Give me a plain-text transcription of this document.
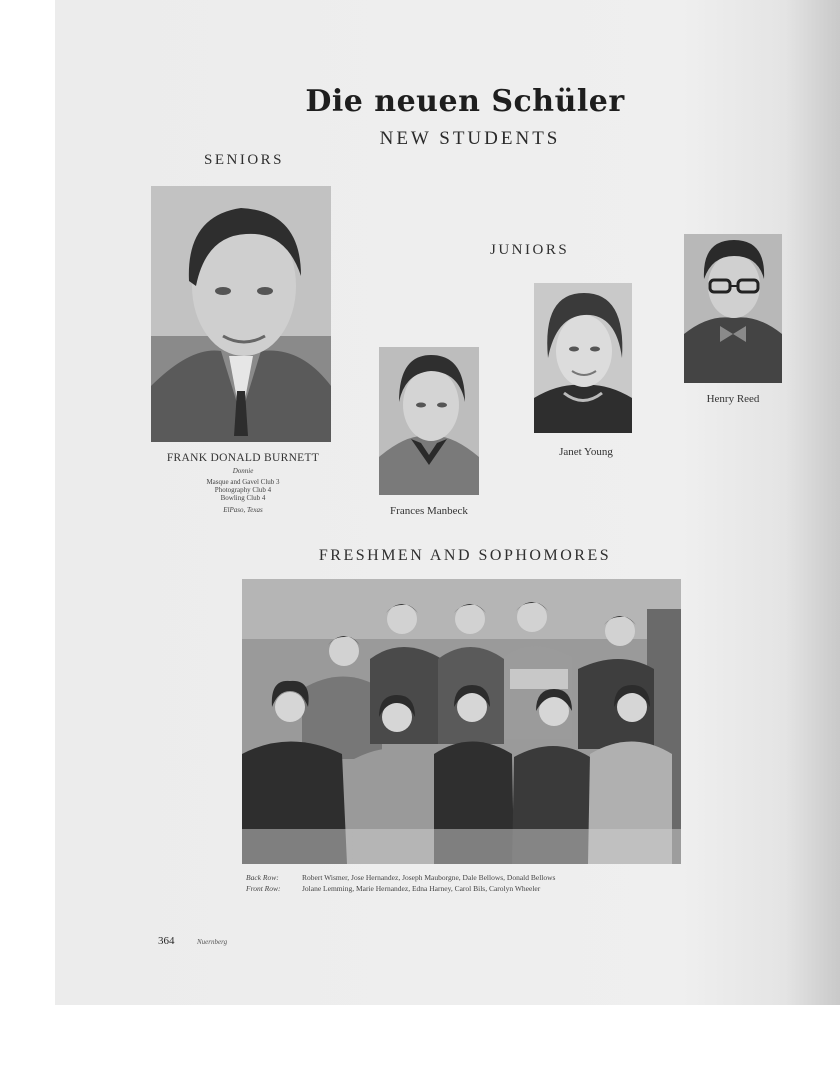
Die neuen Schüler
NEW STUDENTS
SENIORS
FRANK DONALD BURNETT
Donnie
Masque and Gavel Club 3
Photography Club 4
Bowling Club 4
ElPaso, Texas
JUNIORS
Frances Manbeck
Janet Young
Henry Reed
FRESHMEN AND SOPHOMORES
Back Row:	Robert Wismer, Jose Hernandez, Joseph Mauborgne, Dale Bellows, Donald Bellows
Front Row:	Jolane Lemming, Marie Hernandez, Edna Harney, Carol Bils, Carolyn Wheeler
364	Nuernberg
